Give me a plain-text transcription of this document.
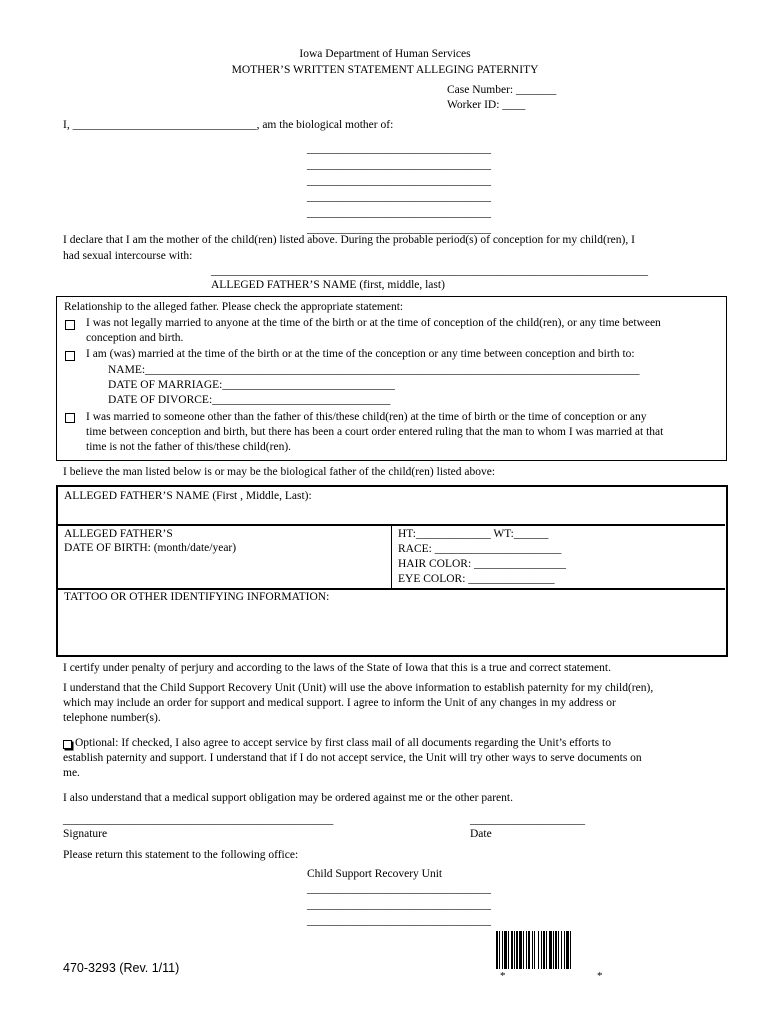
Iowa Department of Human Services
MOTHER’S WRITTEN STATEMENT ALLEGING PATERNITY
Case Number: _______
Worker ID: ____
I, ________________________________, am the biological mother of:
________________________________
________________________________
________________________________
________________________________
________________________________
________________________________
I declare that I am the mother of the child(ren) listed above. During the probable period(s) of conception for my child(ren), I
had sexual intercourse with:
____________________________________________________________________________
ALLEGED FATHER’S NAME (first, middle, last)
Relationship to the alleged father. Please check the appropriate statement:
I was not legally married to anyone at the time of the birth or at the time of conception of the child(ren), or any time between
conception and birth.
I am (was) married at the time of the birth or at the time of the conception or any time between conception and birth to:
NAME:______________________________________________________________________________________
DATE OF MARRIAGE:______________________________
DATE OF DIVORCE:_______________________________
I was married to someone other than the father of this/these child(ren) at the time of birth or the time of conception or any
time between conception and birth, but there has been a court order entered ruling that the man to whom I was married at that
time is not the father of this/these child(ren).
I believe the man listed below is or may be the biological father of the child(ren) listed above:
ALLEGED FATHER’S NAME (First , Middle, Last):
ALLEGED FATHER’S
DATE OF BIRTH: (month/date/year)
HT:_____________ WT:______
RACE: ______________________
HAIR COLOR: ________________
EYE COLOR: _______________
TATTOO OR OTHER IDENTIFYING INFORMATION:
I certify under penalty of perjury and according to the laws of the State of Iowa that this is a true and correct statement.
I understand that the Child Support Recovery Unit (Unit) will use the above information to establish paternity for my child(ren),
which may include an order for support and medical support. I agree to inform the Unit of any changes in my address or
telephone number(s).
Optional: If checked, I also agree to accept service by first class mail of all documents regarding the Unit’s efforts to
establish paternity and support. I understand that if I do not accept service, the Unit will try other ways to serve documents on
me.
I also understand that a medical support obligation may be ordered against me or the other parent.
_______________________________________________
Signature
____________________
Date
Please return this statement to the following office:
Child Support Recovery Unit
________________________________
________________________________
________________________________
470-3293 (Rev. 1/11)
*	*
